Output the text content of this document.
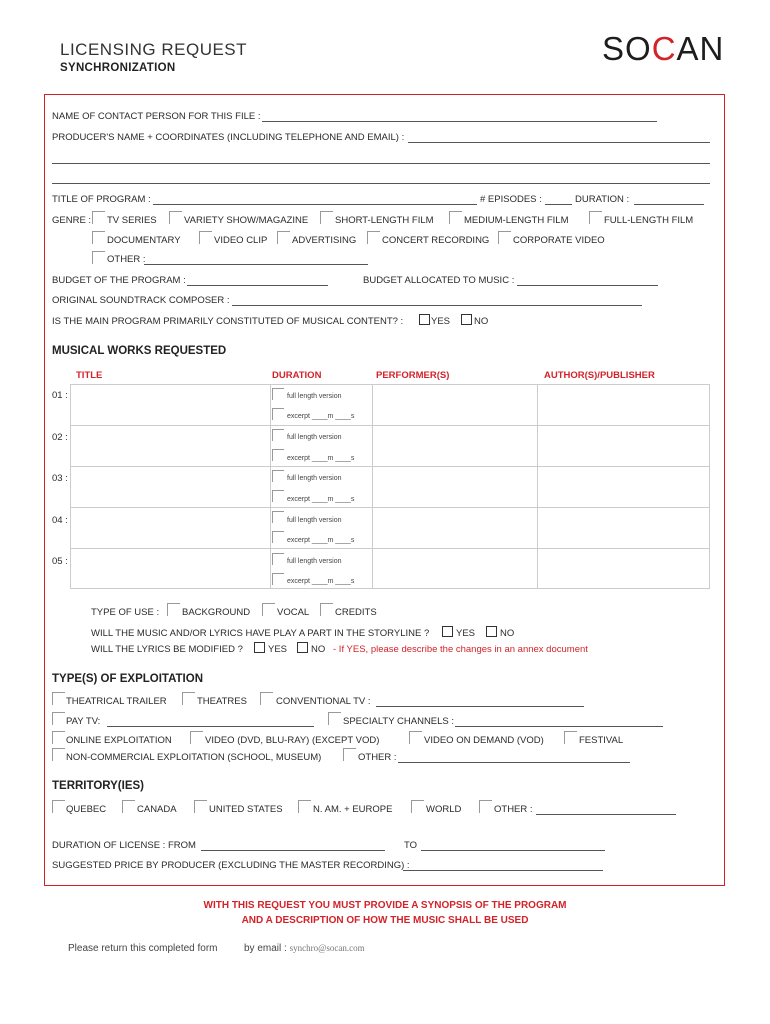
LICENSING REQUEST
SYNCHRONIZATION
SOCAN
NAME OF CONTACT PERSON FOR THIS FILE :
PRODUCER'S NAME + COORDINATES (INCLUDING TELEPHONE AND EMAIL) :
TITLE OF PROGRAM :	# EPISODES :	DURATION :
GENRE : TV SERIES	VARIETY SHOW/MAGAZINE	SHORT-LENGTH FILM	MEDIUM-LENGTH FILM	FULL-LENGTH FILM
DOCUMENTARY	VIDEO CLIP	ADVERTISING	CONCERT RECORDING CORPORATE VIDEO
OTHER :
BUDGET OF THE PROGRAM :	BUDGET ALLOCATED TO MUSIC :
ORIGINAL SOUNDTRACK COMPOSER :
IS THE MAIN PROGRAM PRIMARILY CONSTITUTED OF MUSICAL CONTENT? :	YES	NO
MUSICAL WORKS REQUESTED
TITLE	DURATION	PERFORMER(S)	AUTHOR(S)/PUBLISHER
01 :	full length version
excerpt ____m ____s
02 :	full length version
excerpt ____m ____s
03 :	full length version
excerpt ____m ____s
04 :	full length version
excerpt ____m ____s
05 :	full length version
excerpt ____m ____s
TYPE OF USE : BACKGROUND	VOCAL	CREDITS
WILL THE MUSIC AND/OR LYRICS HAVE PLAY A PART IN THE STORYLINE ?	YES	NO
WILL THE LYRICS BE MODIFIED ?	YES	NO - If YES, please describe the changes in an annex document
TYPE(S) OF EXPLOITATION
THEATRICAL TRAILER	THEATRES	CONVENTIONAL TV :
PAY TV:	SPECIALTY CHANNELS :
ONLINE EXPLOITATION	VIDEO (DVD, BLU-RAY) (EXCEPT VOD)	VIDEO ON DEMAND (VOD)	FESTIVAL
NON-COMMERCIAL EXPLOITATION (SCHOOL, MUSEUM)	OTHER :
TERRITORY(IES)
QUEBEC	CANADA	UNITED STATES	N. AM. + EUROPE	WORLD	OTHER :
DURATION OF LICENSE : FROM	TO
SUGGESTED PRICE BY PRODUCER (EXCLUDING THE MASTER RECORDING) :
WITH THIS REQUEST YOU MUST PROVIDE A SYNOPSIS OF THE PROGRAM
AND A DESCRIPTION OF HOW THE MUSIC SHALL BE USED
Please return this completed form	by email : synchro@socan.com
